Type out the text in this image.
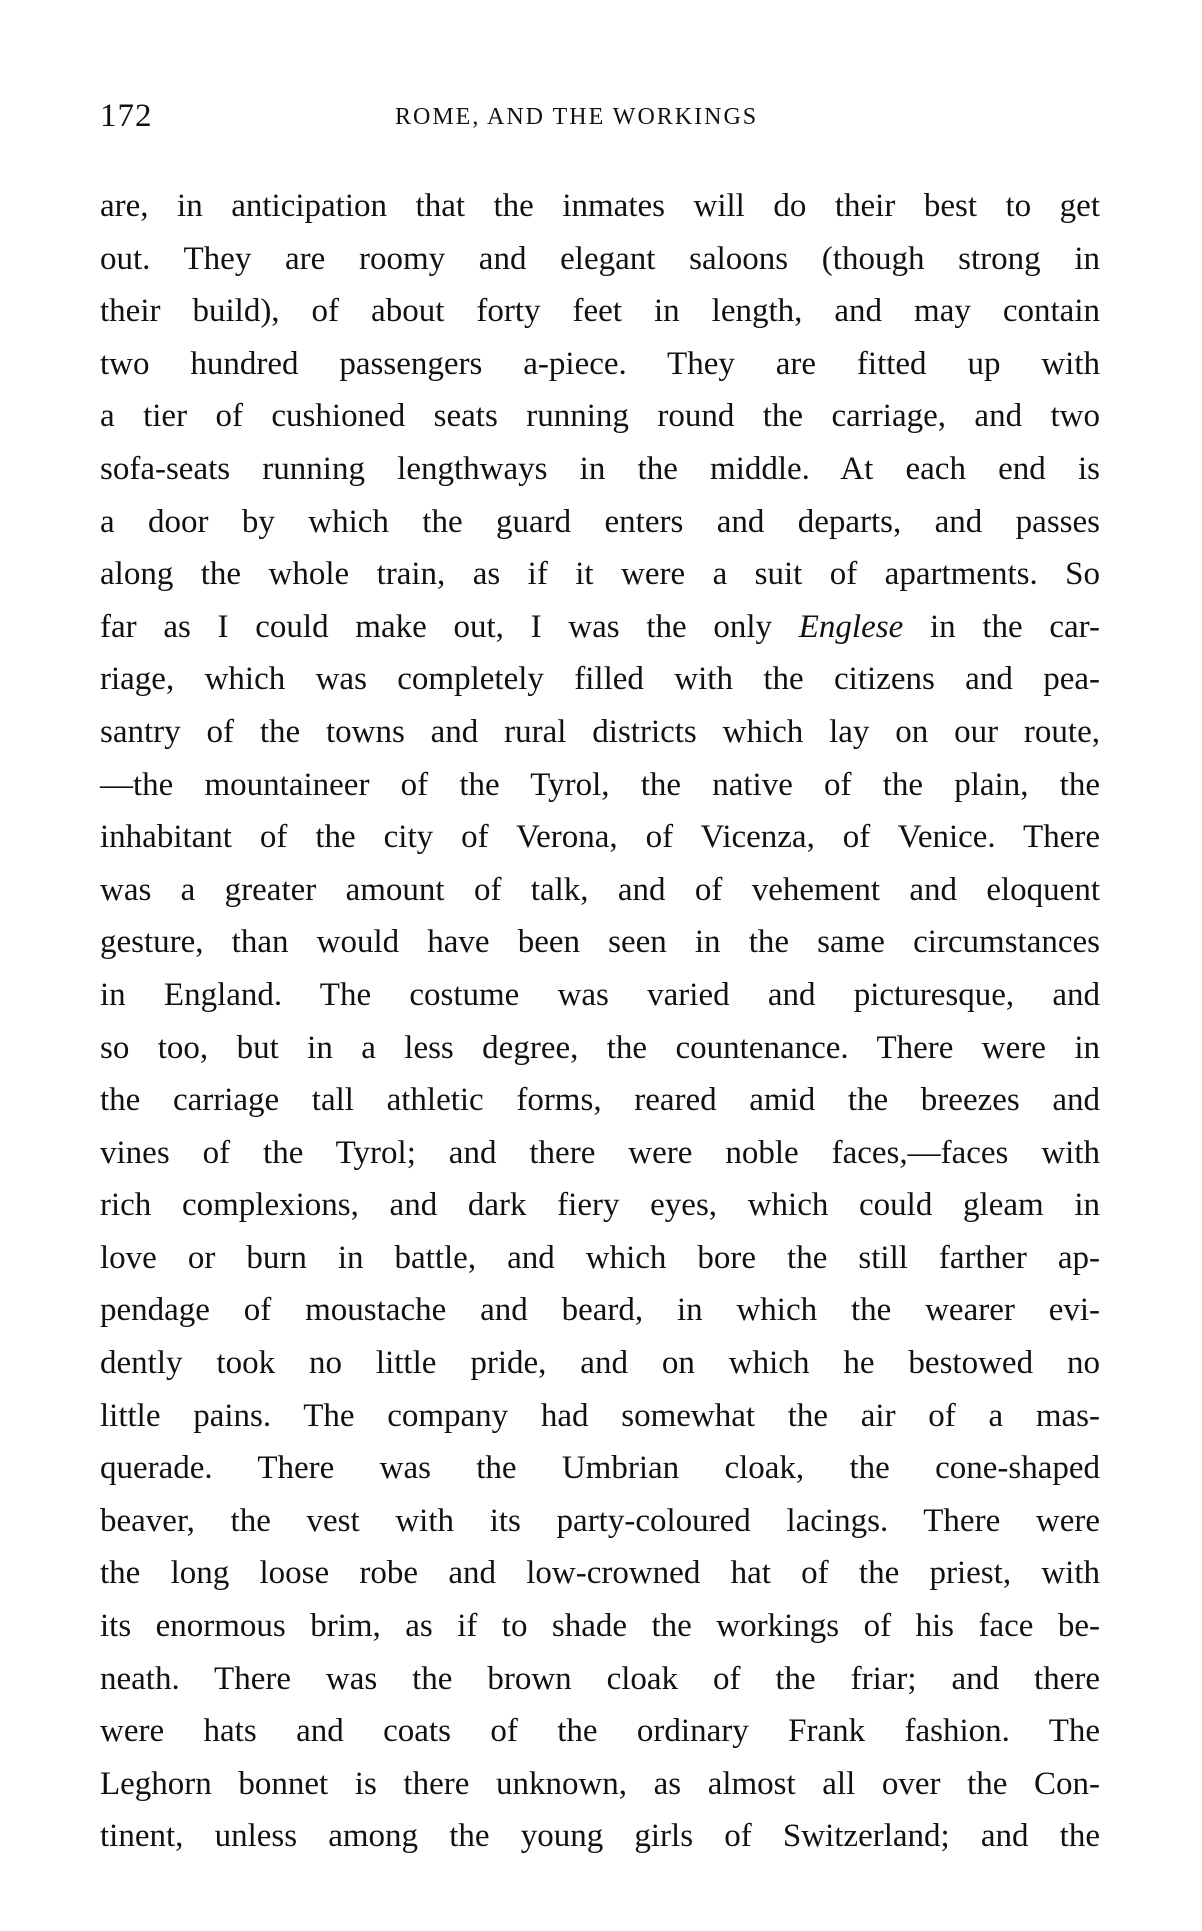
172	ROME, AND THE WORKINGS
are, in anticipation that the inmates will do their best to get
out. They are roomy and elegant saloons (though strong in
their build), of about forty feet in length, and may contain
two hundred passengers a-piece. They are fitted up with
a tier of cushioned seats running round the carriage, and two
sofa-seats running lengthways in the middle. At each end is
a door by which the guard enters and departs, and passes
along the whole train, as if it were a suit of apartments. So
far as I could make out, I was the only Englese in the car-
riage, which was completely filled with the citizens and pea-
santry of the towns and rural districts which lay on our route,
—the mountaineer of the Tyrol, the native of the plain, the
inhabitant of the city of Verona, of Vicenza, of Venice. There
was a greater amount of talk, and of vehement and eloquent
gesture, than would have been seen in the same circumstances
in England. The costume was varied and picturesque, and
so too, but in a less degree, the countenance. There were in
the carriage tall athletic forms, reared amid the breezes and
vines of the Tyrol; and there were noble faces,—faces with
rich complexions, and dark fiery eyes, which could gleam in
love or burn in battle, and which bore the still farther ap-
pendage of moustache and beard, in which the wearer evi-
dently took no little pride, and on which he bestowed no
little pains. The company had somewhat the air of a mas-
querade. There was the Umbrian cloak, the cone-shaped
beaver, the vest with its party-coloured lacings. There were
the long loose robe and low-crowned hat of the priest, with
its enormous brim, as if to shade the workings of his face be-
neath. There was the brown cloak of the friar; and there
were hats and coats of the ordinary Frank fashion. The
Leghorn bonnet is there unknown, as almost all over the Con-
tinent, unless among the young girls of Switzerland; and the
